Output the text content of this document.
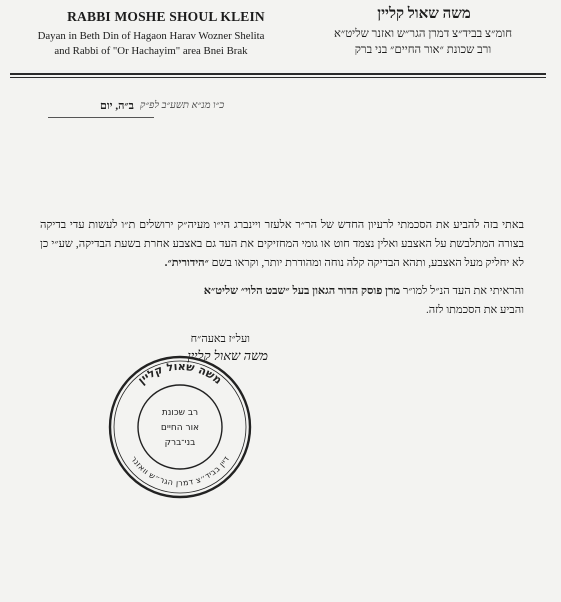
RABBI MOSHE SHOUL KLEIN
Dayan in Beth Din of Hagaon Harav Wozner Shelita
and Rabbi of "Or Hachayim" area Bnei Brak
משה שאול קליין
חומ״צ בביד״צ דמרן הגר״ש ואזנר שליט״א
ורב שכונת ״אור החיים״ בני ברק
ב״ה, יום כ״ו מנ״א תשע״ב לפ״ק

באתי בזה להביע את הסכמתי לרעיון החדש של הר״ר אלעזר ויינברג הי״ו מעיה״ק ירושלים ת״ו לעשות עדי בדיקה בצורה המתלבשת על האצבע ואלין נצמד חוט או גומי המחזיקים את העד גם באצבע אחרת בשעת הבדיקה, שע״י כן לא יחליק מעל האצבע, ותהא הבדיקה קלה נוחה ומהודרת יותר, וקראו בשם ״הידורית״.

והראיתי את העד הנ״ל למו״ר מרן פוסק הדור הגאון בעל ״שבט הלוי״ שליט״א
והביע את הסכמתו לזה.

ועל״ז באעה״ח
משה שאול קליין
משה שאול קליין
דיין בביד״צ דמרן הגר״ש וואזנר
רב שכונת
אור החיים
בני־ברק
